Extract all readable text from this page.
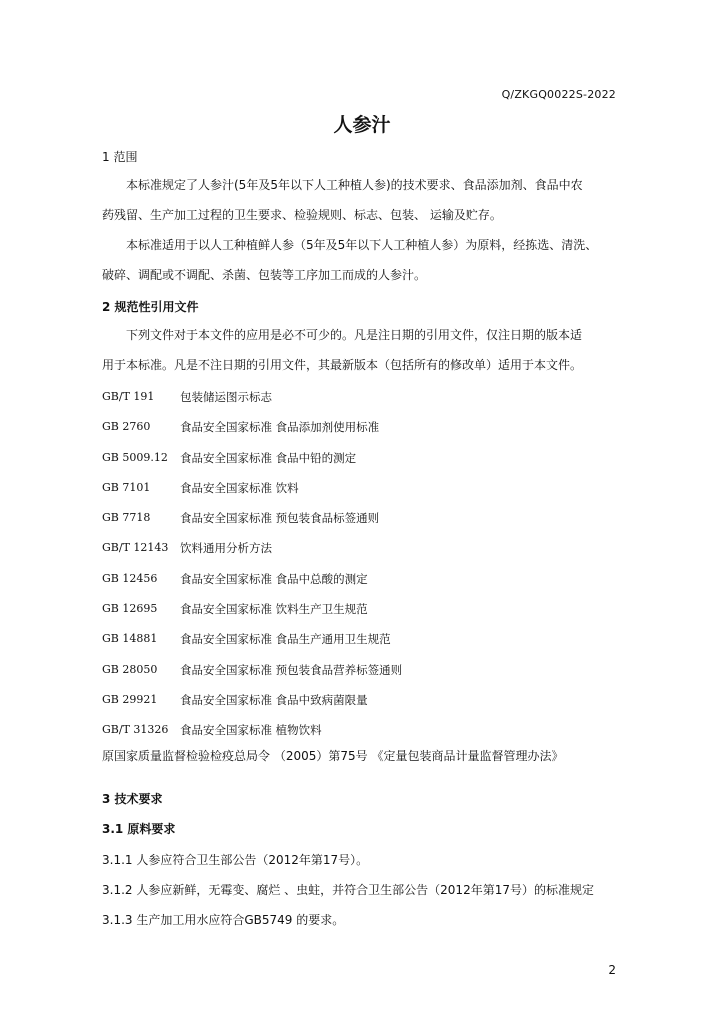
Q/ZKGQ0022S-2022
人参汁
1 范围
本标准规定了人参汁(5年及5年以下人工种植人参)的技术要求、食品添加剂、食品中农
药残留、生产加工过程的卫生要求、检验规则、标志、包装、 运输及贮存。
本标准适用于以人工种植鲜人参（5年及5年以下人工种植人参）为原料，经拣选、清洗、
破碎、调配或不调配、杀菌、包装等工序加工而成的人参汁。
2 规范性引用文件
下列文件对于本文件的应用是必不可少的。凡是注日期的引用文件，仅注日期的版本适
用于本标准。凡是不注日期的引用文件，其最新版本（包括所有的修改单）适用于本文件。
GB/T 191	包装储运图示标志
GB 2760	食品安全国家标准 食品添加剂使用标准
GB 5009.12	食品安全国家标准 食品中铅的测定
GB 7101	食品安全国家标准 饮料
GB 7718	食品安全国家标准 预包装食品标签通则
GB/T 12143	饮料通用分析方法
GB 12456	食品安全国家标准 食品中总酸的测定
GB 12695	食品安全国家标准 饮料生产卫生规范
GB 14881	食品安全国家标准 食品生产通用卫生规范
GB 28050	食品安全国家标准 预包装食品营养标签通则
GB 29921	食品安全国家标准 食品中致病菌限量
GB/T 31326	食品安全国家标准 植物饮料
原国家质量监督检验检疫总局令 （2005）第75号 《定量包装商品计量监督管理办法》
3 技术要求
3.1 原料要求
3.1.1 人参应符合卫生部公告（2012年第17号）。
3.1.2 人参应新鲜，无霉变、腐烂 、虫蛀，并符合卫生部公告（2012年第17号）的标准规定
3.1.3 生产加工用水应符合GB5749 的要求。
2
